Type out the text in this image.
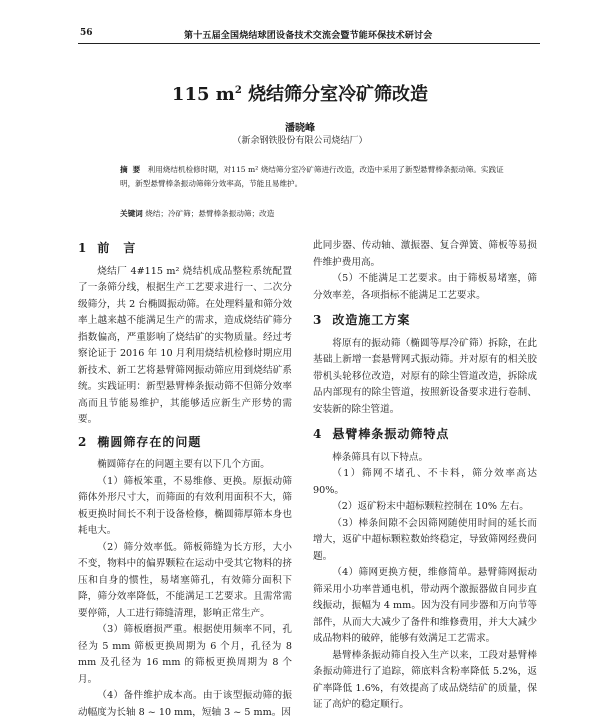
56	第十五届全国烧结球团设备技术交流会暨节能环保技术研讨会
115 $m^2$ 烧结筛分室冷矿筛改造
潘晓峰
（新余钢铁股份有限公司烧结厂）
摘要 利用烧结机检修时期，对115 m² 烧结筛分室冷矿筛进行改造，改造中采用了新型悬臂棒条振动筛。实践证明，新型悬臂棒条振动筛筛分效率高，节能且易维护。
关键词 烧结；冷矿筛；悬臂棒条振动筛；改造
1 前　言

烧结厂 4#115 m² 烧结机成品整粒系统配置了一条筛分线，根据生产工艺要求进行一、二次分级筛分，共 2 台椭圆振动筛。在处理料量和筛分效率上越来越不能满足生产的需求，造成烧结矿筛分指数偏高，严重影响了烧结矿的实物质量。经过考察论证于 2016 年 10 月利用烧结机检修时期应用新技术、新工艺将悬臂筛网振动筛应用到烧结矿系统。实践证明：新型悬臂棒条振动筛不但筛分效率高而且节能易维护，其能够适应新生产形势的需要。

2 椭圆筛存在的问题

椭圆筛存在的问题主要有以下几个方面。

（1）筛板笨重，不易维修、更换。原振动筛筛体外形尺寸大，而筛面的有效利用面积不大，筛板更换时间长不利于设备检修，椭圆筛厚筛本身也耗电大。

（2）筛分效率低。筛板筛缝为长方形，大小不变，物料中的偏界颗粒在运动中受其它物料的挤压和自身的惯性，易堵塞筛孔，有效筛分面积下降，筛分效率降低，不能满足工艺要求。且需常需要停筛，人工进行筛缝清理，影响正常生产。

（3）筛板磨损严重。根据使用频率不同，孔径为 5 mm 筛板更换周期为 6 个月，孔径为 8 mm 及孔径为 16 mm 的筛板更换周期为 8 个月。

（4）备件维护成本高。由于该型振动筛的振动幅度为长轴 8 ~ 10 mm，短轴 3 ~ 5 mm。因

此同步器、传动轴、激振器、复合弹簧、筛板等易损件维护费用高。

（5）不能满足工艺要求。由于筛板易堵塞，筛分效率差，各项指标不能满足工艺要求。

3 改造施工方案

将原有的振动筛（椭圆等厚冷矿筛）拆除，在此基础上新增一套悬臂网式振动筛。并对原有的相关胶带机头轮移位改造，对原有的除尘管道改造，拆除成品内部现有的除尘管道，按照新设备要求进行卷制、安装新的除尘管道。

4 悬臂棒条振动筛特点

棒条筛具有以下特点。

（1）筛网不堵孔、不卡料，筛分效率高达 90%。

（2）返矿粉末中超标颗粒控制在 10% 左右。

（3）棒条间隙不会因筛网随使用时间的延长而增大，返矿中超标颗粒数始终稳定，导致筛网经费问题。

（4）筛网更换方便，维修简单。悬臂筛网振动筛采用小功率普通电机，带动两个激振器做自同步直线振动，振幅为 4 mm。因为没有同步器和万向节等部件，从而大大减少了备件和维修费用，并大大减少成品物料的破碎，能够有效满足工艺需求。

悬臂棒条振动筛自投入生产以来，工段对悬臂棒条振动筛进行了追踪，筛底料含粉率降低 5.2%，返矿率降低 1.6%，有效提高了成品烧结矿的质量，保证了高炉的稳定顺行。
